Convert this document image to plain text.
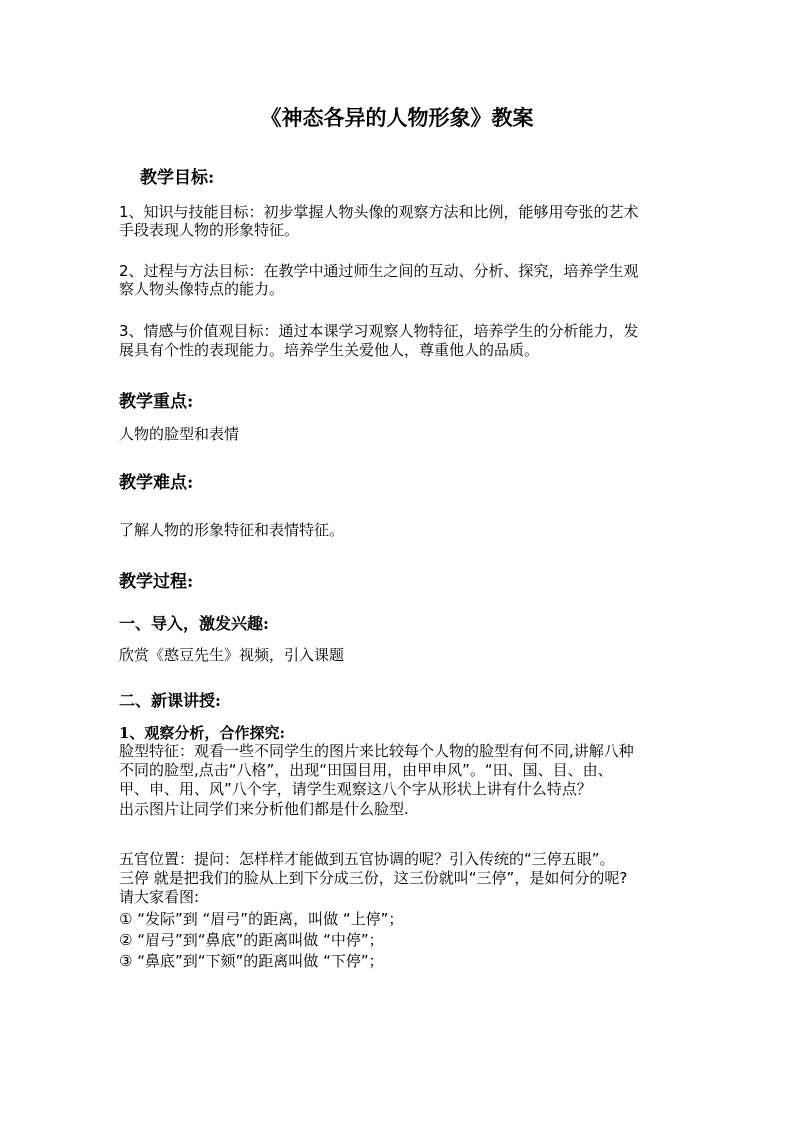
《神态各异的人物形象》教案
教学目标:
1、知识与技能目标：初步掌握人物头像的观察方法和比例，能够用夸张的艺术
手段表现人物的形象特征。
2、过程与方法目标：在教学中通过师生之间的互动、分析、探究，培养学生观
察人物头像特点的能力。
3、情感与价值观目标：通过本课学习观察人物特征，培养学生的分析能力，发
展具有个性的表现能力。培养学生关爱他人，尊重他人的品质。
教学重点:
人物的脸型和表情
教学难点:
了解人物的形象特征和表情特征。
教学过程:
一、导入，激发兴趣:
欣赏《憨豆先生》视频，引入课题
二、新课讲授:
1、观察分析，合作探究:
脸型特征：观看一些不同学生的图片来比较每个人物的脸型有何不同,讲解八种
不同的脸型,点击“八格”，出现“田国目用，由甲申风”。“田、国、目、由、
甲、申、用、风”八个字，请学生观察这八个字从形状上讲有什么特点？
出示图片让同学们来分析他们都是什么脸型.
五官位置：提问：怎样样才能做到五官协调的呢？引入传统的“三停五眼”。
三停 就是把我们的脸从上到下分成三份，这三份就叫“三停”，是如何分的呢?
请大家看图:
① “发际”到 “眉弓”的距离，叫做 “上停”；
② “眉弓”到“鼻底”的距离叫做 “中停”；
③ “鼻底”到“下颏”的距离叫做 “下停”；
